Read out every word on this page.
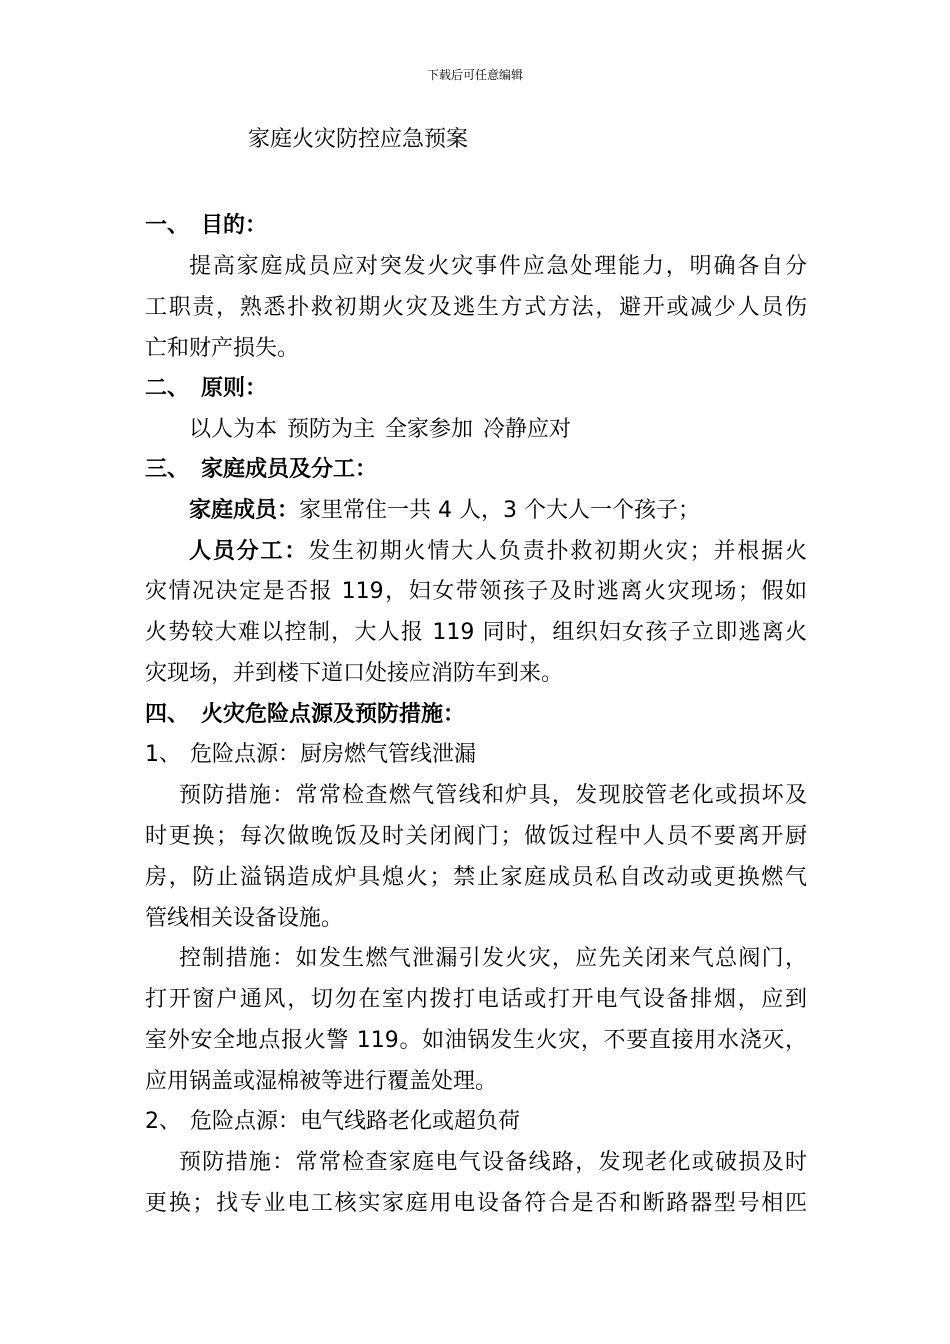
下载后可任意编辑
家庭火灾防控应急预案
一、 目的：
提高家庭成员应对突发火灾事件应急处理能力，明确各自分
工职责，熟悉扑救初期火灾及逃生方式方法，避开或减少人员伤
亡和财产损失。
二、 原则：
以人为本 预防为主 全家参加 冷静应对
三、 家庭成员及分工：
家庭成员：家里常住一共 4 人，3 个大人一个孩子；
人员分工：发生初期火情大人负责扑救初期火灾；并根据火
灾情况决定是否报 119，妇女带领孩子及时逃离火灾现场；假如
火势较大难以控制，大人报 119 同时，组织妇女孩子立即逃离火
灾现场，并到楼下道口处接应消防车到来。
四、 火灾危险点源及预防措施：
1、 危险点源：厨房燃气管线泄漏
预防措施：常常检查燃气管线和炉具，发现胶管老化或损坏及
时更换；每次做晚饭及时关闭阀门；做饭过程中人员不要离开厨
房，防止溢锅造成炉具熄火；禁止家庭成员私自改动或更换燃气
管线相关设备设施。
控制措施：如发生燃气泄漏引发火灾，应先关闭来气总阀门，
打开窗户通风，切勿在室内拨打电话或打开电气设备排烟，应到
室外安全地点报火警 119。如油锅发生火灾，不要直接用水浇灭，
应用锅盖或湿棉被等进行覆盖处理。
2、 危险点源：电气线路老化或超负荷
预防措施：常常检查家庭电气设备线路，发现老化或破损及时
更换；找专业电工核实家庭用电设备符合是否和断路器型号相匹
